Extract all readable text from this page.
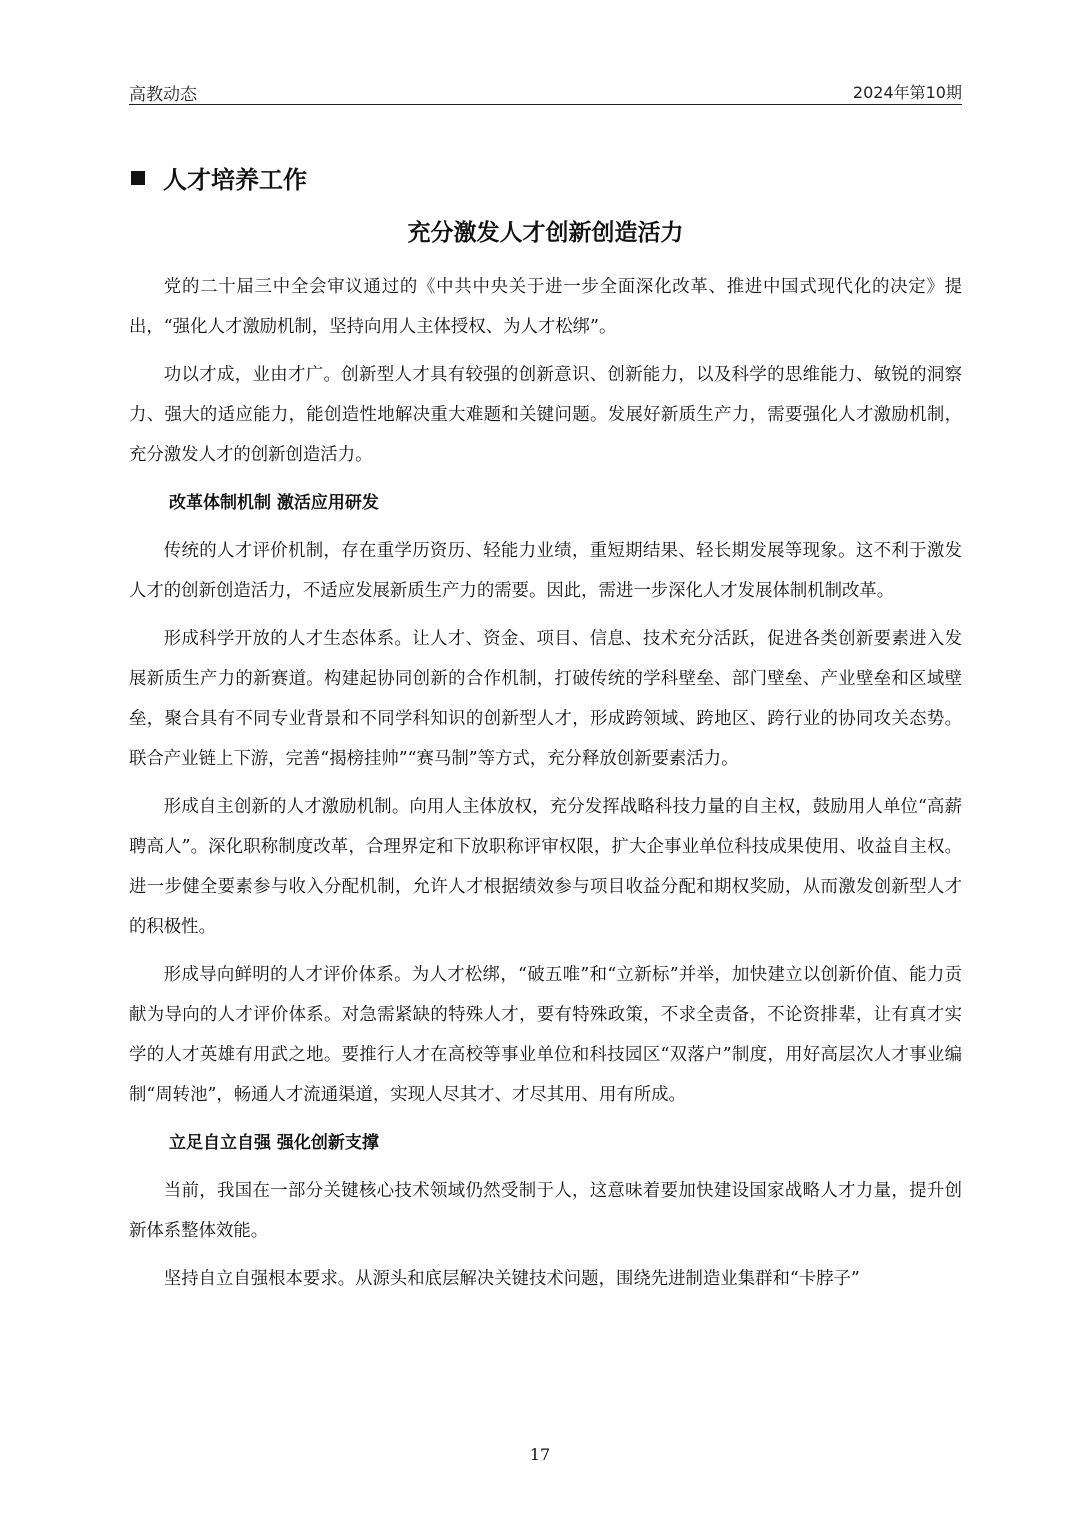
高教动态	2024年第10期
人才培养工作
充分激发人才创新创造活力

党的二十届三中全会审议通过的《中共中央关于进一步全面深化改革、推进中国式现代化的决定》提出，“强化人才激励机制，坚持向用人主体授权、为人才松绑”。

功以才成，业由才广。创新型人才具有较强的创新意识、创新能力，以及科学的思维能力、敏锐的洞察力、强大的适应能力，能创造性地解决重大难题和关键问题。发展好新质生产力，需要强化人才激励机制，充分激发人才的创新创造活力。

改革体制机制 激活应用研发

传统的人才评价机制，存在重学历资历、轻能力业绩，重短期结果、轻长期发展等现象。这不利于激发人才的创新创造活力，不适应发展新质生产力的需要。因此，需进一步深化人才发展体制机制改革。

形成科学开放的人才生态体系。让人才、资金、项目、信息、技术充分活跃，促进各类创新要素进入发展新质生产力的新赛道。构建起协同创新的合作机制，打破传统的学科壁垒、部门壁垒、产业壁垒和区域壁垒，聚合具有不同专业背景和不同学科知识的创新型人才，形成跨领域、跨地区、跨行业的协同攻关态势。联合产业链上下游，完善“揭榜挂帅”“赛马制”等方式，充分释放创新要素活力。

形成自主创新的人才激励机制。向用人主体放权，充分发挥战略科技力量的自主权，鼓励用人单位“高薪聘高人”。深化职称制度改革，合理界定和下放职称评审权限，扩大企事业单位科技成果使用、收益自主权。进一步健全要素参与收入分配机制，允许人才根据绩效参与项目收益分配和期权奖励，从而激发创新型人才的积极性。

形成导向鲜明的人才评价体系。为人才松绑，“破五唯”和“立新标”并举，加快建立以创新价值、能力贡献为导向的人才评价体系。对急需紧缺的特殊人才，要有特殊政策，不求全责备，不论资排辈，让有真才实学的人才英雄有用武之地。要推行人才在高校等事业单位和科技园区“双落户”制度，用好高层次人才事业编制“周转池”，畅通人才流通渠道，实现人尽其才、才尽其用、用有所成。

立足自立自强 强化创新支撑

当前，我国在一部分关键核心技术领域仍然受制于人，这意味着要加快建设国家战略人才力量，提升创新体系整体效能。

坚持自立自强根本要求。从源头和底层解决关键技术问题，围绕先进制造业集群和“卡脖子”

17
